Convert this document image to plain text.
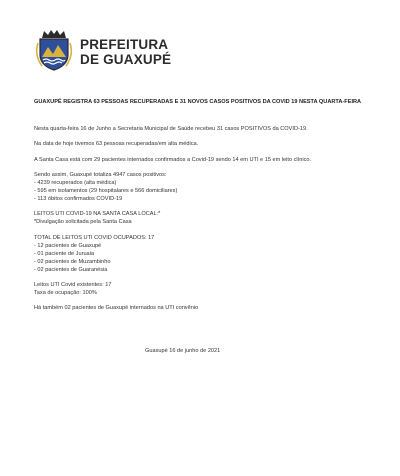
PREFEITURA
DE GUAXUPÉ
GUAXUPÉ REGISTRA 63 PESSOAS RECUPERADAS E 31 NOVOS CASOS POSITIVOS DA COVID 19 NESTA QUARTA-FEIRA
Nesta quarta-feira 16 de Junho a Secretaria Municipal de Saúde recebeu 31 casos POSITIVOS da COVID-19.
Na data de hoje tivemos 63 pessoas recuperadas/em alta médica.
A Santa Casa está com 29 pacientes internados confirmados a Covid-19 sendo 14 em UTI e 15 em leito clínico.
Sendo assim, Guaxupé totaliza 4947 casos positivos:
- 4239 recuperados (alta médica)
- 595 em isolamentos (29 hospitalares e 566 domiciliares)
- 113 óbitos confirmados COVID-19
LEITOS UTI COVID-19 NA SANTA CASA LOCAL:*
*Divulgação solicitada pela Santa Casa
TOTAL DE LEITOS UTI COVID OCUPADOS: 17
- 12 pacientes de Guaxupé
- 01 paciente de Juruaia
- 02 pacientes de Muzambinho
- 02 pacientes de Guaranésia
Leitos UTI Covid existentes: 17
Taxa de ocupação: 100%
Há também 02 pacientes de Guaxupé internados na UTI convênio
Guaxupé 16 de junho de 2021
